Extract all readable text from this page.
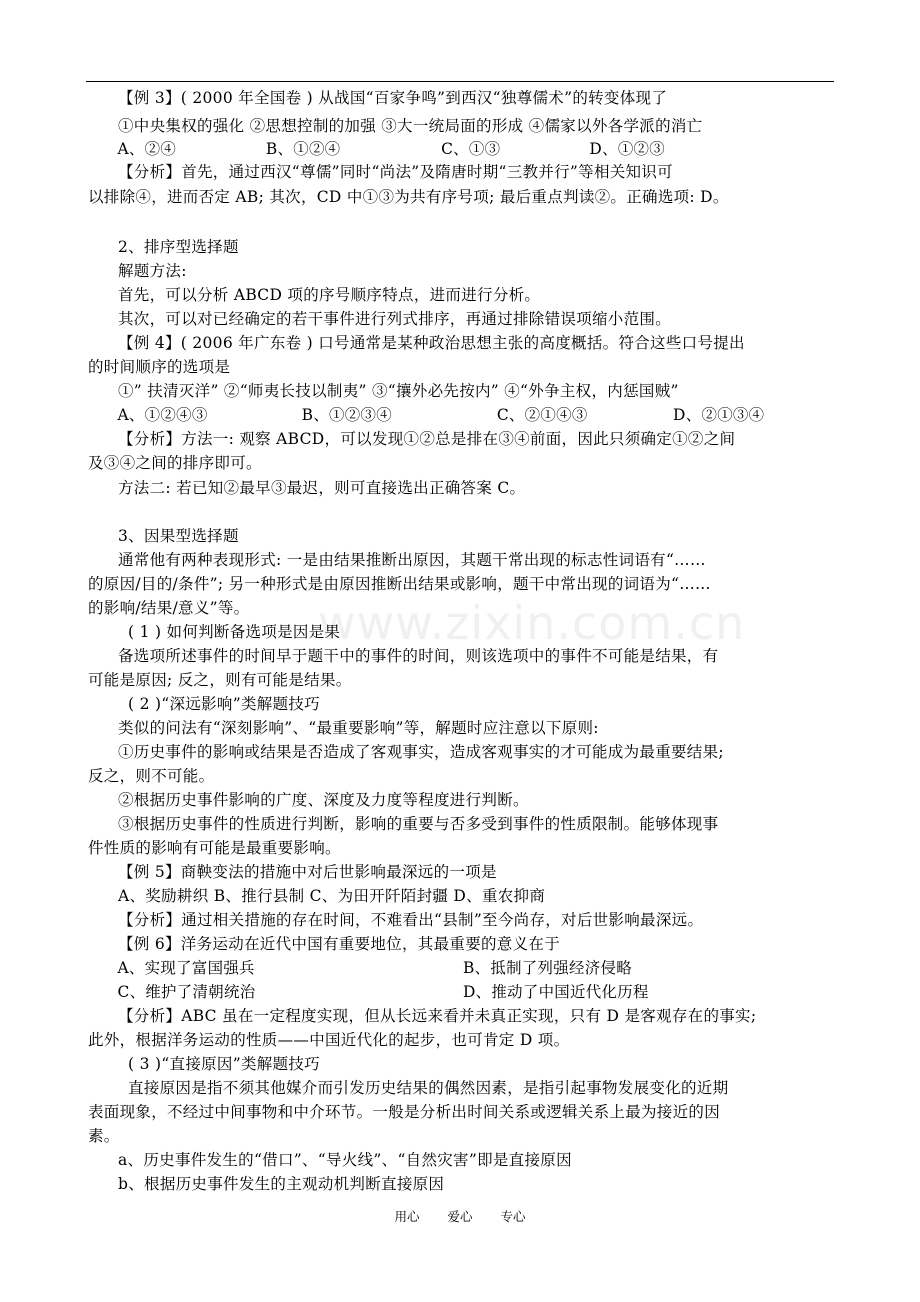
www.zixin.com.cn
【例 3】( 2000 年全国卷 ) 从战国“百家争鸣”到西汉“独尊儒术”的转变体现了
①中央集权的强化 ②思想控制的加强 ③大一统局面的形成 ④儒家以外各学派的消亡
A、②④	B、①②④	C、①③	D、①②③
【分析】首先，通过西汉“尊儒”同时“尚法”及隋唐时期“三教并行”等相关知识可
以排除④，进而否定 AB; 其次，CD 中①③为共有序号项; 最后重点判读②。正确选项: D。
2、排序型选择题
解题方法:
首先，可以分析 ABCD 项的序号顺序特点，进而进行分析。
其次，可以对已经确定的若干事件进行列式排序，再通过排除错误项缩小范围。
【例 4】( 2006 年广东卷 ) 口号通常是某种政治思想主张的高度概括。符合这些口号提出
的时间顺序的选项是
①” 扶清灭洋” ②“师夷长技以制夷” ③“攘外必先按内” ④“外争主权，内惩国贼”
A、①②④③	B、①②③④	C、②①④③	D、②①③④
【分析】方法一: 观察 ABCD，可以发现①②总是排在③④前面，因此只须确定①②之间
及③④之间的排序即可。
方法二: 若已知②最早③最迟，则可直接选出正确答案 C。
3、因果型选择题
通常他有两种表现形式: 一是由结果推断出原因，其题干常出现的标志性词语有“……
的原因/目的/条件”; 另一种形式是由原因推断出结果或影响，题干中常出现的词语为“……
的影响/结果/意义”等。
( 1 ) 如何判断备选项是因是果
备选项所述事件的时间早于题干中的事件的时间，则该选项中的事件不可能是结果，有
可能是原因; 反之，则有可能是结果。
( 2 )“深远影响”类解题技巧
类似的问法有“深刻影响”、“最重要影响”等，解题时应注意以下原则:
①历史事件的影响或结果是否造成了客观事实，造成客观事实的才可能成为最重要结果;
反之，则不可能。
②根据历史事件影响的广度、深度及力度等程度进行判断。
③根据历史事件的性质进行判断，影响的重要与否多受到事件的性质限制。能够体现事
件性质的影响有可能是最重要影响。
【例 5】商鞅变法的措施中对后世影响最深远的一项是
A、奖励耕织 B、推行县制 C、为田开阡陌封疆 D、重农抑商
【分析】通过相关措施的存在时间，不难看出“县制”至今尚存，对后世影响最深远。
【例 6】洋务运动在近代中国有重要地位，其最重要的意义在于
A、实现了富国强兵	B、抵制了列强经济侵略
C、维护了清朝统治	D、推动了中国近代化历程
【分析】ABC 虽在一定程度实现，但从长远来看并未真正实现，只有 D 是客观存在的事实;
此外，根据洋务运动的性质——中国近代化的起步，也可肯定 D 项。
( 3 )“直接原因”类解题技巧
直接原因是指不须其他媒介而引发历史结果的偶然因素，是指引起事物发展变化的近期
表面现象，不经过中间事物和中介环节。一般是分析出时间关系或逻辑关系上最为接近的因
素。
a、历史事件发生的“借口”、“导火线”、“自然灾害”即是直接原因
b、根据历史事件发生的主观动机判断直接原因
用心 爱心 专心
